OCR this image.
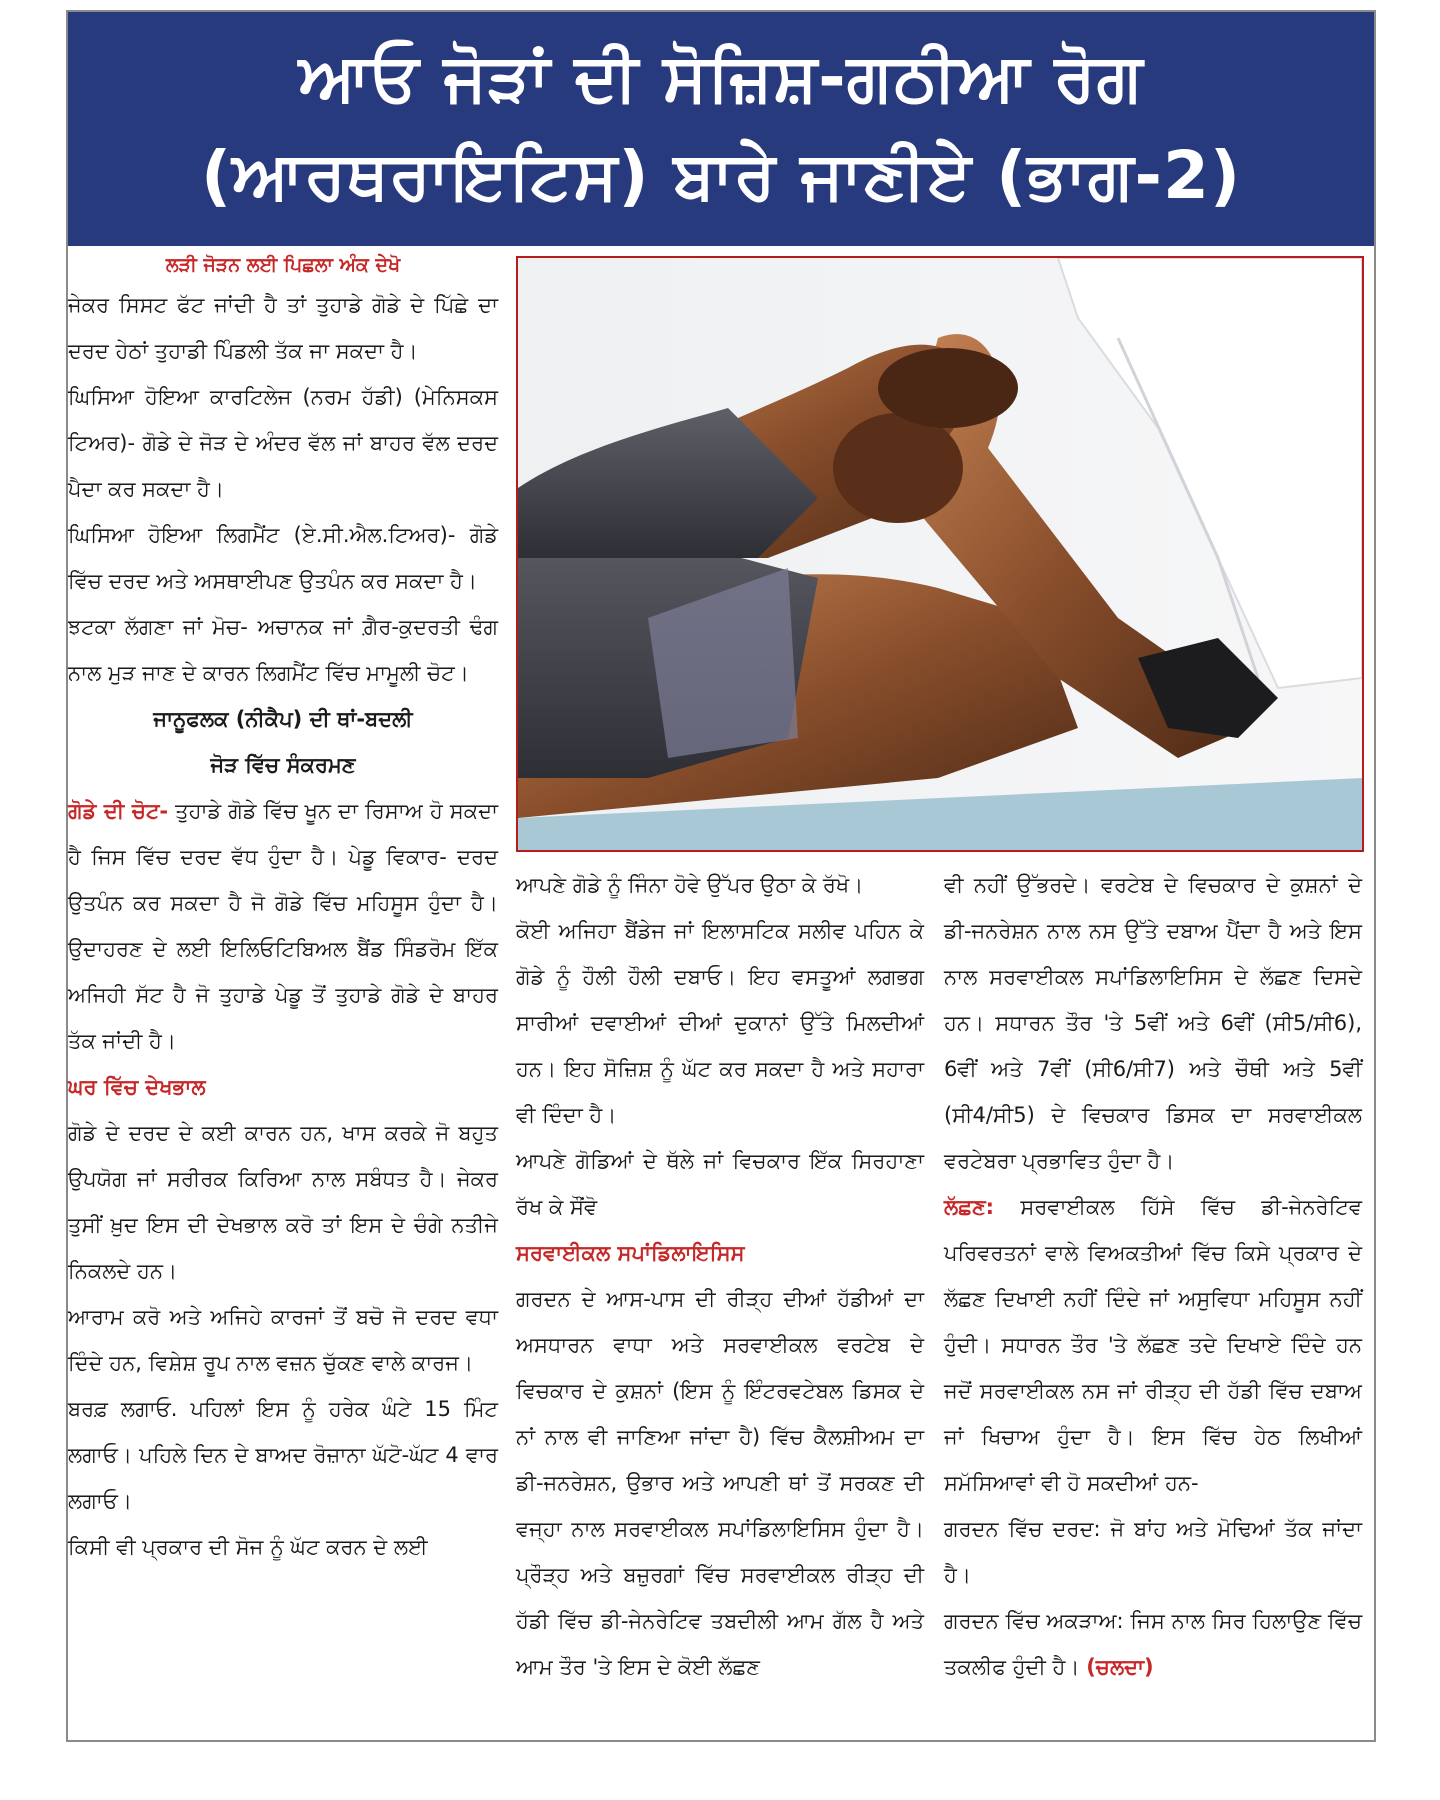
ਆਓ ਜੋੜਾਂ ਦੀ ਸੋਜ਼ਿਸ਼-ਗਠੀਆ ਰੋਗ
(ਆਰਥਰਾਇਟਿਸ) ਬਾਰੇ ਜਾਣੀਏ (ਭਾਗ-2)

ਲੜੀ ਜੋੜਨ ਲਈ ਪਿਛਲਾ ਅੰਕ ਦੇਖੋ

ਜੇਕਰ ਸਿਸਟ ਫੱਟ ਜਾਂਦੀ ਹੈ ਤਾਂ ਤੁਹਾਡੇ ਗੋਡੇ ਦੇ ਪਿੱਛੇ ਦਾ ਦਰਦ ਹੇਠਾਂ ਤੁਹਾਡੀ ਪਿੰਡਲੀ ਤੱਕ ਜਾ ਸਕਦਾ ਹੈ।

ਘਿਸਿਆ ਹੋਇਆ ਕਾਰਟਿਲੇਜ (ਨਰਮ ਹੱਡੀ) (ਮੇਨਿਸਕਸ ਟਿਅਰ)- ਗੋਡੇ ਦੇ ਜੋੜ ਦੇ ਅੰਦਰ ਵੱਲ ਜਾਂ ਬਾਹਰ ਵੱਲ ਦਰਦ ਪੈਦਾ ਕਰ ਸਕਦਾ ਹੈ।

ਘਿਸਿਆ ਹੋਇਆ ਲਿਗਮੈਂਟ (ਏ.ਸੀ.ਐਲ.ਟਿਅਰ)- ਗੋਡੇ ਵਿੱਚ ਦਰਦ ਅਤੇ ਅਸਥਾਈਪਣ ਉਤਪੰਨ ਕਰ ਸਕਦਾ ਹੈ।

ਝਟਕਾ ਲੱਗਣਾ ਜਾਂ ਮੋਚ- ਅਚਾਨਕ ਜਾਂ ਗ਼ੈਰ-ਕੁਦਰਤੀ ਢੰਗ ਨਾਲ ਮੁੜ ਜਾਣ ਦੇ ਕਾਰਨ ਲਿਗਮੈਂਟ ਵਿੱਚ ਮਾਮੂਲੀ ਚੋਟ।

ਜਾਨੂਫਲਕ (ਨੀਕੈਪ) ਦੀ ਥਾਂ-ਬਦਲੀ

ਜੋੜ ਵਿੱਚ ਸੰਕਰਮਣ

ਗੋਡੇ ਦੀ ਚੋਟ- ਤੁਹਾਡੇ ਗੋਡੇ ਵਿੱਚ ਖੂਨ ਦਾ ਰਿਸਾਅ ਹੋ ਸਕਦਾ ਹੈ ਜਿਸ ਵਿੱਚ ਦਰਦ ਵੱਧ ਹੁੰਦਾ ਹੈ। ਪੇਡੂ ਵਿਕਾਰ- ਦਰਦ ਉਤਪੰਨ ਕਰ ਸਕਦਾ ਹੈ ਜੋ ਗੋਡੇ ਵਿੱਚ ਮਹਿਸੂਸ ਹੁੰਦਾ ਹੈ। ਉਦਾਹਰਣ ਦੇ ਲਈ ਇਲਿਓਟਿਬਿਅਲ ਬੈਂਡ ਸਿੰਡਰੋਮ ਇੱਕ ਅਜਿਹੀ ਸੱਟ ਹੈ ਜੋ ਤੁਹਾਡੇ ਪੇਡੂ ਤੋਂ ਤੁਹਾਡੇ ਗੋਡੇ ਦੇ ਬਾਹਰ ਤੱਕ ਜਾਂਦੀ ਹੈ।

ਘਰ ਵਿੱਚ ਦੇਖਭਾਲ

ਗੋਡੇ ਦੇ ਦਰਦ ਦੇ ਕਈ ਕਾਰਨ ਹਨ, ਖਾਸ ਕਰਕੇ ਜੋ ਬਹੁਤ ਉਪਯੋਗ ਜਾਂ ਸਰੀਰਕ ਕਿਰਿਆ ਨਾਲ ਸਬੰਧਤ ਹੈ। ਜੇਕਰ ਤੁਸੀਂ ਖ਼ੁਦ ਇਸ ਦੀ ਦੇਖਭਾਲ ਕਰੋ ਤਾਂ ਇਸ ਦੇ ਚੰਗੇ ਨਤੀਜੇ ਨਿਕਲਦੇ ਹਨ।

ਆਰਾਮ ਕਰੋ ਅਤੇ ਅਜਿਹੇ ਕਾਰਜਾਂ ਤੋਂ ਬਚੋ ਜੋ ਦਰਦ ਵਧਾ ਦਿੰਦੇ ਹਨ, ਵਿਸ਼ੇਸ਼ ਰੂਪ ਨਾਲ ਵਜ਼ਨ ਚੁੱਕਣ ਵਾਲੇ ਕਾਰਜ।

ਬਰਫ਼ ਲਗਾਓ. ਪਹਿਲਾਂ ਇਸ ਨੂੰ ਹਰੇਕ ਘੰਟੇ 15 ਮਿੰਟ ਲਗਾਓ। ਪਹਿਲੇ ਦਿਨ ਦੇ ਬਾਅਦ ਰੋਜ਼ਾਨਾ ਘੱਟੋ-ਘੱਟ 4 ਵਾਰ ਲਗਾਓ।

ਕਿਸੀ ਵੀ ਪ੍ਰਕਾਰ ਦੀ ਸੋਜ ਨੂੰ ਘੱਟ ਕਰਨ ਦੇ ਲਈ

ਆਪਣੇ ਗੋਡੇ ਨੂੰ ਜਿੰਨਾ ਹੋਵੇ ਉੱਪਰ ਉਠਾ ਕੇ ਰੱਖੋ।

ਕੋਈ ਅਜਿਹਾ ਬੈਂਡੇਜ ਜਾਂ ਇਲਾਸਟਿਕ ਸਲੀਵ ਪਹਿਨ ਕੇ ਗੋਡੇ ਨੂੰ ਹੌਲੀ ਹੌਲੀ ਦਬਾਓ। ਇਹ ਵਸਤੂਆਂ ਲਗਭਗ ਸਾਰੀਆਂ ਦਵਾਈਆਂ ਦੀਆਂ ਦੁਕਾਨਾਂ ਉੱਤੇ ਮਿਲਦੀਆਂ ਹਨ। ਇਹ ਸੋਜ਼ਿਸ਼ ਨੂੰ ਘੱਟ ਕਰ ਸਕਦਾ ਹੈ ਅਤੇ ਸਹਾਰਾ ਵੀ ਦਿੰਦਾ ਹੈ।

ਆਪਣੇ ਗੋਡਿਆਂ ਦੇ ਥੱਲੇ ਜਾਂ ਵਿਚਕਾਰ ਇੱਕ ਸਿਰਹਾਣਾ ਰੱਖ ਕੇ ਸੌਂਵੋ

ਸਰਵਾਈਕਲ ਸਪਾਂਡਿਲਾਇਸਿਸ

ਗਰਦਨ ਦੇ ਆਸ-ਪਾਸ ਦੀ ਰੀੜ੍ਹ ਦੀਆਂ ਹੱਡੀਆਂ ਦਾ ਅਸਧਾਰਨ ਵਾਧਾ ਅਤੇ ਸਰਵਾਈਕਲ ਵਰਟੇਬ ਦੇ ਵਿਚਕਾਰ ਦੇ ਕੁਸ਼ਨਾਂ (ਇਸ ਨੂੰ ਇੰਟਰਵਟੇਬਲ ਡਿਸਕ ਦੇ ਨਾਂ ਨਾਲ ਵੀ ਜਾਣਿਆ ਜਾਂਦਾ ਹੈ) ਵਿੱਚ ਕੈਲਸ਼ੀਅਮ ਦਾ ਡੀ-ਜਨਰੇਸ਼ਨ, ਉਭਾਰ ਅਤੇ ਆਪਣੀ ਥਾਂ ਤੋਂ ਸਰਕਣ ਦੀ ਵਜ੍ਹਾ ਨਾਲ ਸਰਵਾਈਕਲ ਸਪਾਂਡਿਲਾਇਸਿਸ ਹੁੰਦਾ ਹੈ। ਪ੍ਰੌੜ੍ਹ ਅਤੇ ਬਜ਼ੁਰਗਾਂ ਵਿੱਚ ਸਰਵਾਈਕਲ ਰੀੜ੍ਹ ਦੀ ਹੱਡੀ ਵਿੱਚ ਡੀ-ਜੇਨਰੇਟਿਵ ਤਬਦੀਲੀ ਆਮ ਗੱਲ ਹੈ ਅਤੇ ਆਮ ਤੌਰ 'ਤੇ ਇਸ ਦੇ ਕੋਈ ਲੱਛਣ

ਵੀ ਨਹੀਂ ਉੱਭਰਦੇ। ਵਰਟੇਬ ਦੇ ਵਿਚਕਾਰ ਦੇ ਕੁਸ਼ਨਾਂ ਦੇ ਡੀ-ਜਨਰੇਸ਼ਨ ਨਾਲ ਨਸ ਉੱਤੇ ਦਬਾਅ ਪੈਂਦਾ ਹੈ ਅਤੇ ਇਸ ਨਾਲ ਸਰਵਾਈਕਲ ਸਪਾਂਡਿਲਾਇਸਿਸ ਦੇ ਲੱਛਣ ਦਿਸਦੇ ਹਨ। ਸਧਾਰਨ ਤੌਰ 'ਤੇ 5ਵੀਂ ਅਤੇ 6ਵੀਂ (ਸੀ5/ਸੀ6), 6ਵੀਂ ਅਤੇ 7ਵੀਂ (ਸੀ6/ਸੀ7) ਅਤੇ ਚੌਥੀ ਅਤੇ 5ਵੀਂ (ਸੀ4/ਸੀ5) ਦੇ ਵਿਚਕਾਰ ਡਿਸਕ ਦਾ ਸਰਵਾਈਕਲ ਵਰਟੇਬਰਾ ਪ੍ਰਭਾਵਿਤ ਹੁੰਦਾ ਹੈ।

ਲੱਛਣ: ਸਰਵਾਈਕਲ ਹਿੱਸੇ ਵਿੱਚ ਡੀ-ਜੇਨਰੇਟਿਵ ਪਰਿਵਰਤਨਾਂ ਵਾਲੇ ਵਿਅਕਤੀਆਂ ਵਿੱਚ ਕਿਸੇ ਪ੍ਰਕਾਰ ਦੇ ਲੱਛਣ ਦਿਖਾਈ ਨਹੀਂ ਦਿੰਦੇ ਜਾਂ ਅਸੁਵਿਧਾ ਮਹਿਸੂਸ ਨਹੀਂ ਹੁੰਦੀ। ਸਧਾਰਨ ਤੌਰ 'ਤੇ ਲੱਛਣ ਤਦੇ ਦਿਖਾਏ ਦਿੰਦੇ ਹਨ ਜਦੋਂ ਸਰਵਾਈਕਲ ਨਸ ਜਾਂ ਰੀੜ੍ਹ ਦੀ ਹੱਡੀ ਵਿੱਚ ਦਬਾਅ ਜਾਂ ਖਿਚਾਅ ਹੁੰਦਾ ਹੈ। ਇਸ ਵਿੱਚ ਹੇਠ ਲਿਖੀਆਂ ਸਮੱਸਿਆਵਾਂ ਵੀ ਹੋ ਸਕਦੀਆਂ ਹਨ-

ਗਰਦਨ ਵਿੱਚ ਦਰਦ: ਜੋ ਬਾਂਹ ਅਤੇ ਮੋਢਿਆਂ ਤੱਕ ਜਾਂਦਾ ਹੈ।

ਗਰਦਨ ਵਿੱਚ ਅਕੜਾਅ: ਜਿਸ ਨਾਲ ਸਿਰ ਹਿਲਾਉਣ ਵਿੱਚ ਤਕਲੀਫ ਹੁੰਦੀ ਹੈ। (ਚਲਦਾ)
